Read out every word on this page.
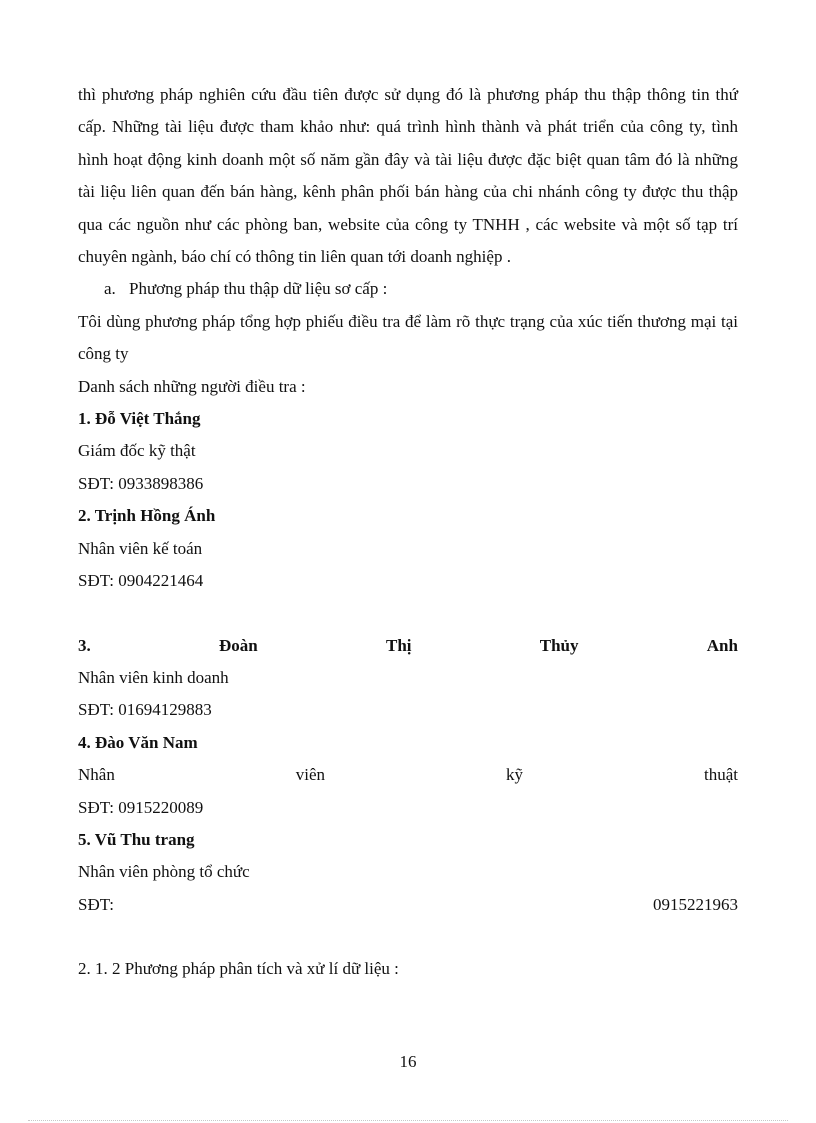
thì phương pháp nghiên cứu đầu tiên được sử dụng đó là phương pháp thu thập thông tin thứ cấp. Những tài liệu được tham khảo như: quá trình hình thành và phát triển của công ty, tình hình hoạt động kinh doanh một số năm gần đây và tài liệu được đặc biệt quan tâm đó là những tài liệu liên quan đến bán hàng, kênh phân phối bán hàng của chi nhánh công ty được thu thập qua các nguồn như các phòng ban, website của công ty TNHH , các website và một số tạp trí chuyên ngành, báo chí có thông tin liên quan tới doanh nghiệp .

a. Phương pháp thu thập dữ liệu sơ cấp :

Tôi dùng phương pháp tổng hợp phiếu điều tra để làm rõ thực trạng của xúc tiến thương mại tại công ty

Danh sách những người điều tra :

1. Đỗ Việt Thắng

Giám đốc kỹ thật

SĐT: 0933898386

2. Trịnh Hồng Ánh

Nhân viên kế toán

SĐT: 0904221464

3.	Đoàn	Thị	Thủy	Anh

Nhân viên kinh doanh

SĐT: 01694129883

4. Đào Văn Nam

Nhân	viên	kỹ	thuật

SĐT: 0915220089

5. Vũ Thu trang

Nhân viên phòng tổ chức

SĐT:	0915221963

2. 1. 2 Phương pháp phân tích và xử lí dữ liệu :

16
